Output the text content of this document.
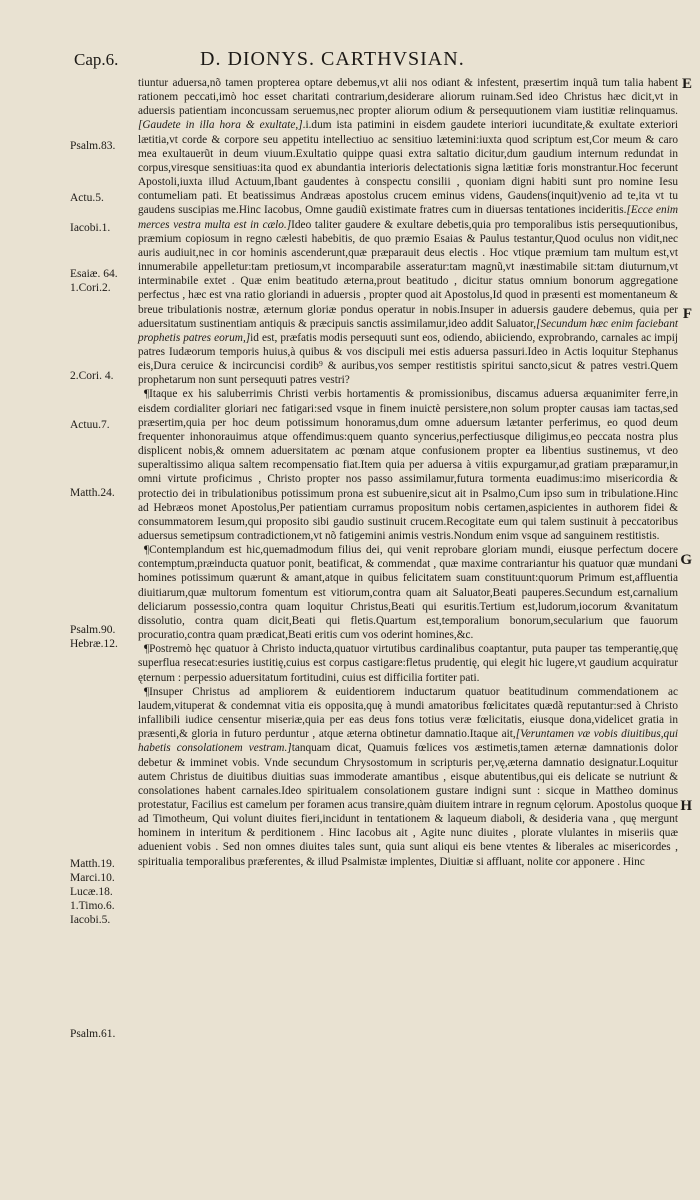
Cap.6.	D. DIONYS. CARTHVSIAN.
E
F
G
H
Psalm.83.
Actu.5.
Iacobi.1.
Esaiæ. 64.
1.Cori.2.
2.Cori. 4.
Actuu.7.
Matth.24.
Psalm.90.
Hebræ.12.
Matth.19.
Marci.10.
Lucæ.18.
1.Timo.6.
Iacobi.5.
Psalm.61.

tiuntur aduersa,nõ tamen propterea optare debemus,vt alii nos odiant & infestent, præsertim inquã tum talia habent rationem peccati,imò hoc esset charitati contrarium,desiderare aliorum ruinam.Sed ideo Christus hæc dicit,vt in aduersis patientiam inconcussam seruemus,nec propter aliorum odium & persequutionem viam iustitiæ relinquamus.[Gaudete in illa hora & exultate,].i.dum ista patimini in eisdem gaudete interiori iucunditate,& exultate exteriori lætitia,vt corde & corpore seu appetitu intellectiuo ac sensitiuo lætemini:iuxta quod scriptum est,Cor meum & caro mea exultauerũt in deum viuum.Exultatio quippe quasi extra saltatio dicitur,dum gaudium internum redundat in corpus,viresque sensitiuas:ita quod ex abundantia interioris delectationis signa lætitiæ foris monstrantur.Hoc fecerunt Apostoli,iuxta illud Actuum,Ibant gaudentes à conspectu consilii , quoniam digni habiti sunt pro nomine Iesu contumeliam pati. Et beatissimus Andræas apostolus crucem eminus videns, Gaudens(inquit)venio ad te,ita vt tu gaudens suscipias me.Hinc Iacobus, Omne gaudiũ existimate fratres cum in diuersas tentationes incideritis.[Ecce enim merces vestra multa est in cælo.]Ideo taliter gaudere & exultare debetis,quia pro temporalibus istis persequutionibus, præmium copiosum in regno cælesti habebitis, de quo præmio Esaias & Paulus testantur,Quod oculus non vidit,nec auris audiuit,nec in cor hominis ascenderunt,quæ præparauit deus electis . Hoc vtique præmium tam multum est,vt innumerabile appelletur:tam pretiosum,vt incomparabile asseratur:tam magnũ,vt inæstimabile sit:tam diuturnum,vt interminabile extet . Quæ enim beatitudo æterna,prout beatitudo , dicitur status omnium bonorum aggregatione perfectus , hæc est vna ratio gloriandi in aduersis , propter quod ait Apostolus,Id quod in præsenti est momentaneum & breue tribulationis nostræ, æternum gloriæ pondus operatur in nobis.Insuper in aduersis gaudere debemus, quia per aduersitatum sustinentiam antiquis & præcipuis sanctis assimilamur,ideo addit Saluator,[Secundum hæc enim faciebant prophetis patres eorum,]id est, præfatis modis persequuti sunt eos, odiendo, abiiciendo, exprobrando, carnales ac impij patres Iudæorum temporis huius,à quibus & vos discipuli mei estis aduersa passuri.Ideo in Actis loquitur Stephanus eis,Dura ceruice & incircuncisi cordib⁹ & auribus,vos semper restitistis spiritui sancto,sicut & patres vestri.Quem prophetarum non sunt persequuti patres vestri?

¶Itaque ex his saluberrimis Christi verbis hortamentis & promissionibus, discamus aduersa æquanimiter ferre,in eisdem cordialiter gloriari nec fatigari:sed vsque in finem inuictè persistere,non solum propter causas iam tactas,sed præsertim,quia per hoc deum potissimum honoramus,dum omne aduersum lætanter perferimus, eo quod deum frequenter inhonorauimus atque offendimus:quem quanto syncerius,perfectiusque diligimus,eo peccata nostra plus displicent nobis,& omnem aduersitatem ac pœnam atque confusionem propter ea libentius sustinemus, vt deo superaltissimo aliqua saltem recompensatio fiat.Item quia per aduersa à vitiis expurgamur,ad gratiam præparamur,in omni virtute proficimus , Christo propter nos passo assimilamur,futura tormenta euadimus:imo misericordia & protectio dei in tribulationibus potissimum prona est subuenire,sicut ait in Psalmo,Cum ipso sum in tribulatione.Hinc ad Hebræos monet Apostolus,Per patientiam curramus propositum nobis certamen,aspicientes in authorem fidei & consummatorem Iesum,qui proposito sibi gaudio sustinuit crucem.Recogitate eum qui talem sustinuit à peccatoribus aduersus semetipsum contradictionem,vt nõ fatigemini animis vestris.Nondum enim vsque ad sanguinem restitistis.

¶Contemplandum est hic,quemadmodum filius dei, qui venit reprobare gloriam mundi, eiusque perfectum docere contemptum,præinducta quatuor ponit, beatificat, & commendat , quæ maxime contrariantur his quatuor quæ mundani homines potissimum quærunt & amant,atque in quibus felicitatem suam constituunt:quorum Primum est,affluentia diuitiarum,quæ multorum fomentum est vitiorum,contra quam ait Saluator,Beati pauperes.Secundum est,carnalium deliciarum possessio,contra quam loquitur Christus,Beati qui esuritis.Tertium est,ludorum,iocorum &vanitatum dissolutio, contra quam dicit,Beati qui fletis.Quartum est,temporalium bonorum,secularium que fauorum procuratio,contra quam prædicat,Beati eritis cum vos oderint homines,&c.

¶Postremò hęc quatuor à Christo inducta,quatuor virtutibus cardinalibus coaptantur, puta pauper tas temperantię,quę superflua resecat:esuries iustitię,cuius est corpus castigare:fletus prudentię, qui elegit hic lugere,vt gaudium acquiratur ęternum : perpessio aduersitatum fortitudini, cuius est difficilia fortiter pati.

¶Insuper Christus ad ampliorem & euidentiorem inductarum quatuor beatitudinum commendationem ac laudem,vituperat & condemnat vitia eis opposita,quę à mundi amatoribus fœlicitates quædã reputantur:sed à Christo infallibili iudice censentur miseriæ,quia per eas deus fons totius veræ fœlicitatis, eiusque dona,videlicet gratia in præsenti,& gloria in futuro perduntur , atque æterna obtinetur damnatio.Itaque ait,[Veruntamen væ vobis diuitibus,qui habetis consolationem vestram.]tanquam dicat, Quamuis fœlices vos æstimetis,tamen æternæ damnationis dolor debetur & imminet vobis. Vnde secundum Chrysostomum in scripturis per,vę,æterna damnatio designatur.Loquitur autem Christus de diuitibus diuitias suas immoderate amantibus , eisque abutentibus,qui eis delicate se nutriunt & consolationes habent carnales.Ideo spiritualem consolationem gustare indigni sunt : sicque in Mattheo dominus protestatur, Facilius est camelum per foramen acus transire,quàm diuitem intrare in regnum cęlorum. Apostolus quoque ad Timotheum, Qui volunt diuites fieri,incidunt in tentationem & laqueum diaboli, & desideria vana , quę mergunt hominem in interitum & perditionem . Hinc Iacobus ait , Agite nunc diuites , plorate vlulantes in miseriis quæ aduenient vobis . Sed non omnes diuites tales sunt, quia sunt aliqui eis bene vtentes & liberales ac misericordes , spiritualia temporalibus præferentes, & illud Psalmistæ implentes, Diuitiæ si affluant, nolite cor apponere . Hinc
